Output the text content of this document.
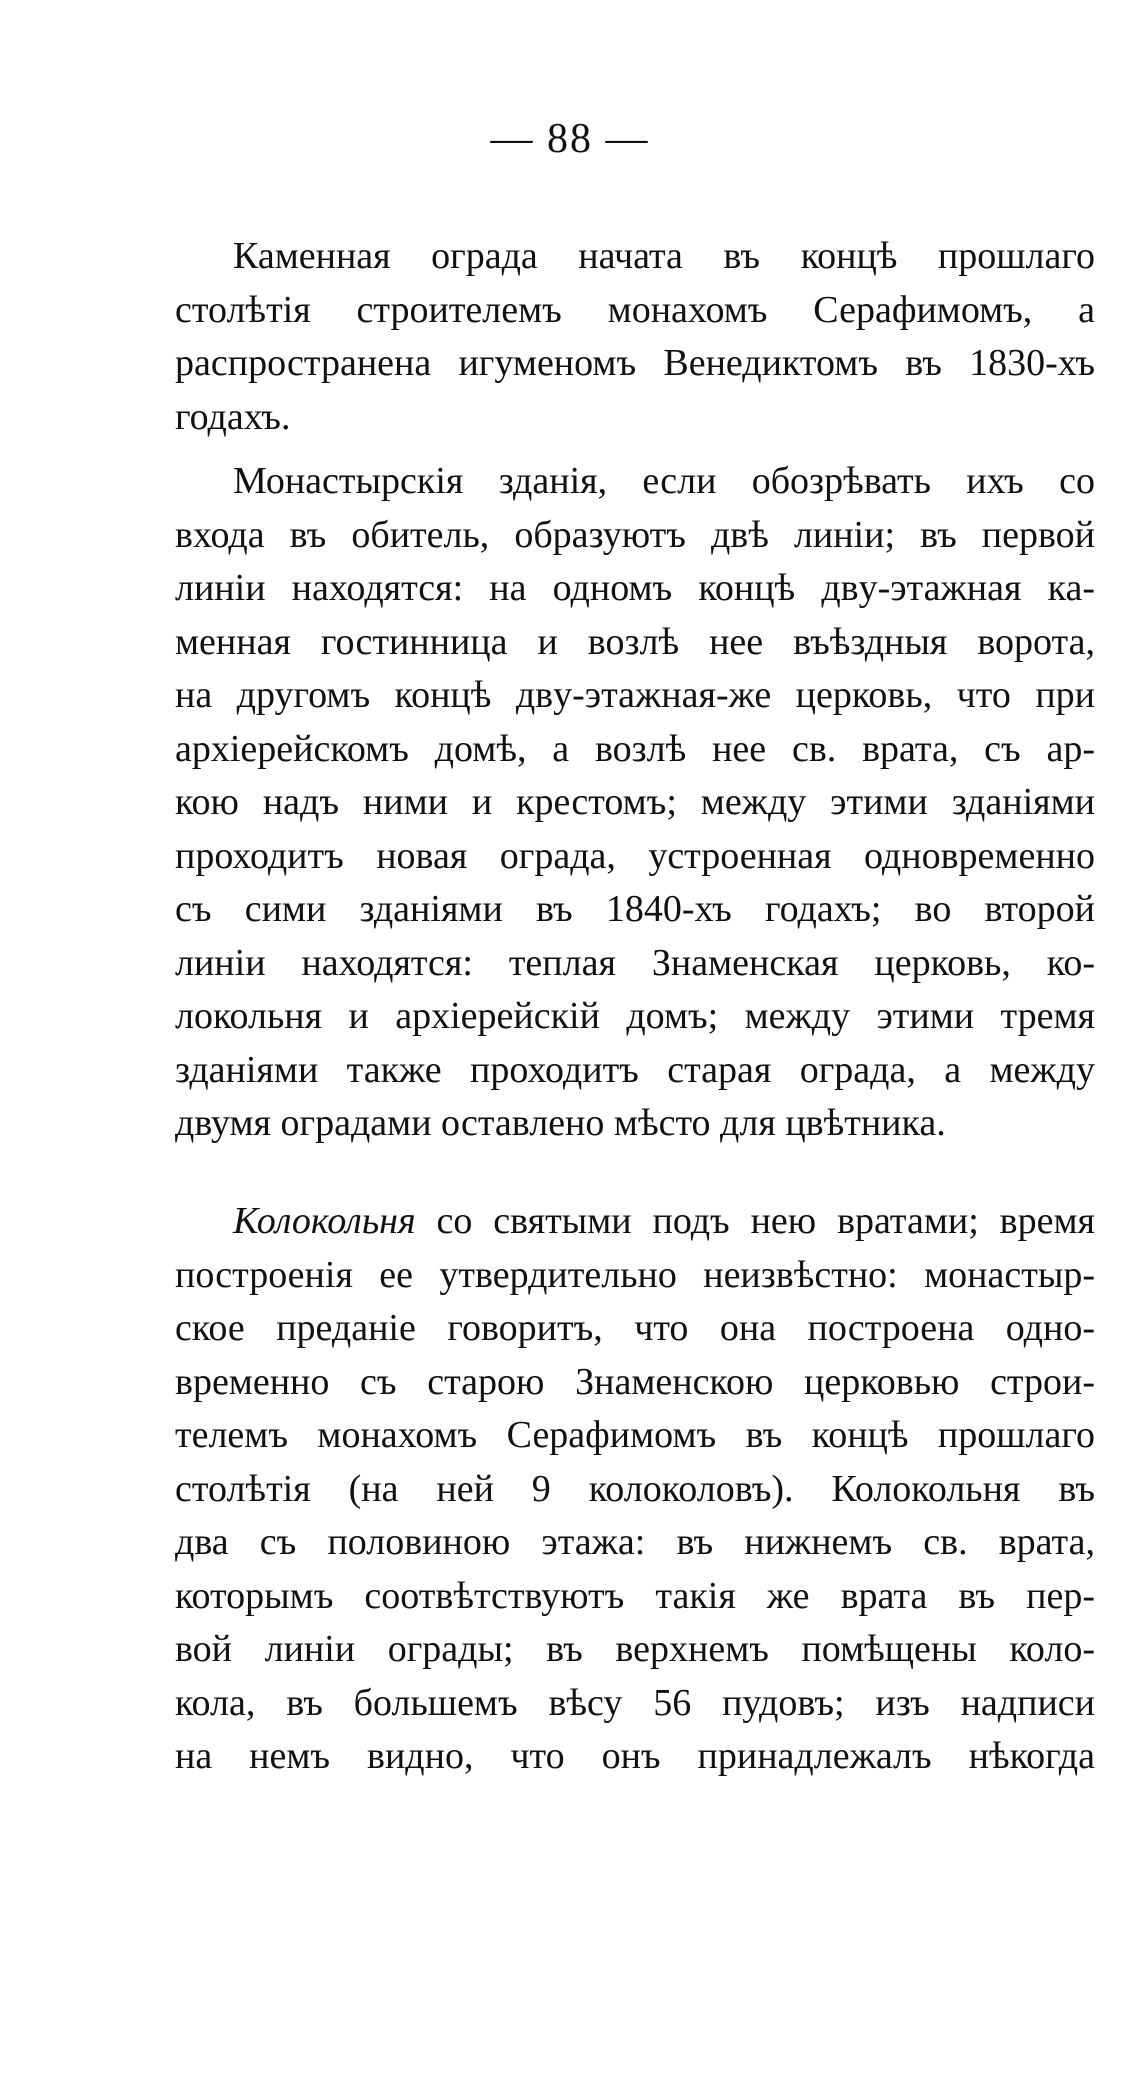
— 88 —
Каменная ограда начата въ концѣ прошлаго
столѣтія строителемъ монахомъ Серафимомъ, а
распространена игуменомъ Венедиктомъ въ 1830-хъ
годахъ.
Монастырскія зданія, если обозрѣвать ихъ со
входа въ обитель, образуютъ двѣ линіи; въ первой
линіи находятся: на одномъ концѣ двy-этажная ка-
менная гостинница и возлѣ нее въѣздныя ворота,
на другомъ концѣ двy-этажная-же церковь, что при
архіерейскомъ домѣ, а возлѣ нее св. врата, съ ар-
кою надъ ними и крестомъ; между этими зданіями
проходитъ новая ограда, устроенная одновременно
съ сими зданіями въ 1840-хъ годахъ; во второй
линіи находятся: теплая Знаменская церковь, ко-
локольня и архіерейскій домъ; между этими тремя
зданіями также проходитъ старая ограда, а между
двумя оградами оставлено мѣсто для цвѣтника.
Колокольня со святыми подъ нею вратами; время
построенія ее утвердительно неизвѣстно: монастыр-
ское преданіе говоритъ, что она построена одно-
временно съ старою Знаменскою церковью строи-
телемъ монахомъ Серафимомъ въ концѣ прошлаго
столѣтія (на ней 9 колоколовъ). Колокольня въ
два съ половиною этажа: въ нижнемъ св. врата,
которымъ соотвѣтствуютъ такія же врата въ пер-
вой линіи ограды; въ верхнемъ помѣщены коло-
кола, въ большемъ вѣсу 56 пудовъ; изъ надписи
на немъ видно, что онъ принадлежалъ нѣкогда
